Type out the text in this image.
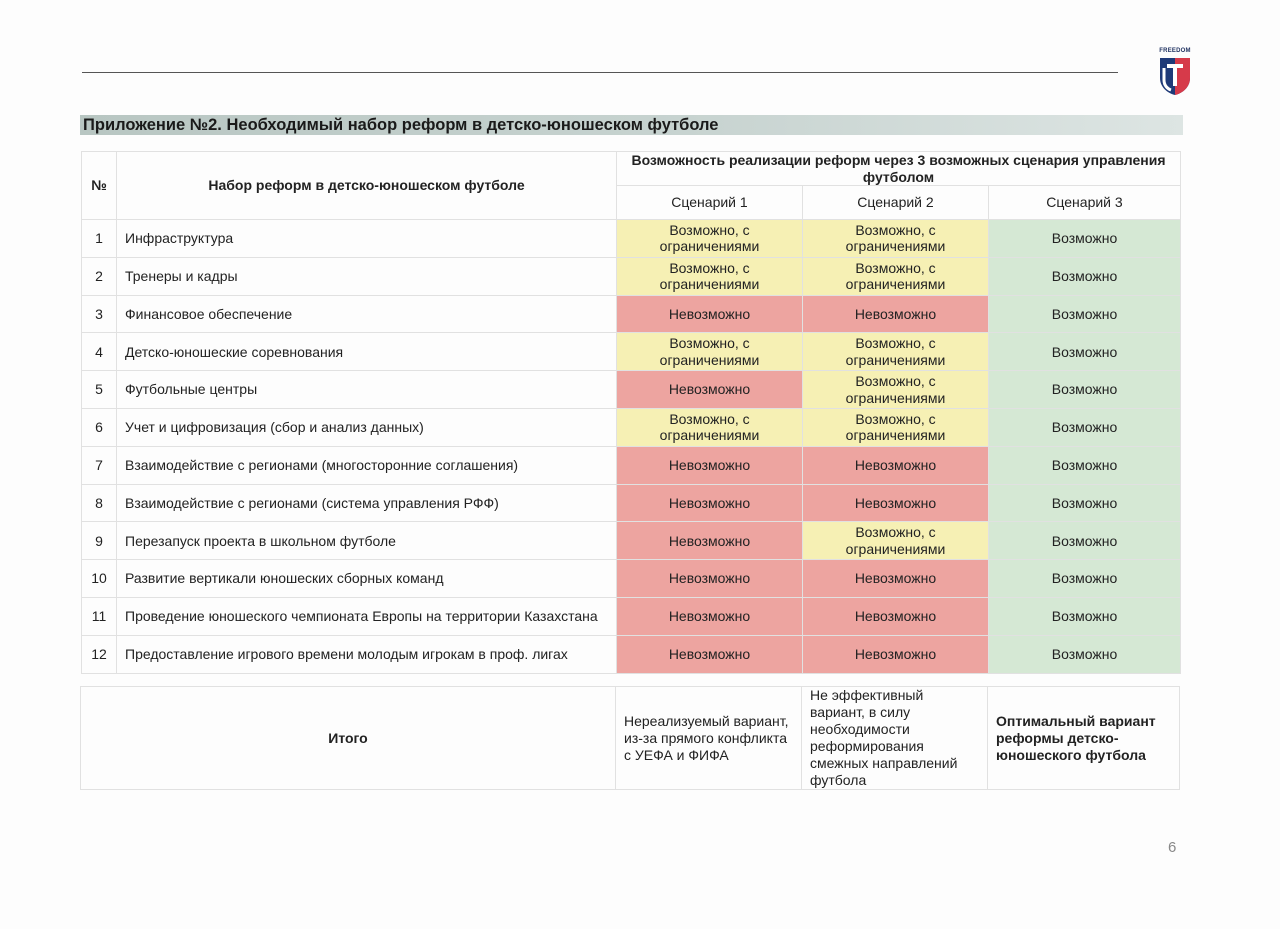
FREEDOM
Приложение №2. Необходимый набор реформ в детско-юношеском футболе
№	Набор реформ в детско-юношеском футболе	Возможность реализации реформ через 3 возможных сценария управления футболом		
		Сценарий 1	Сценарий 2	Сценарий 3
1	Инфраструктура	Возможно, с ограничениями	Возможно, с ограничениями	Возможно
2	Тренеры и кадры	Возможно, с ограничениями	Возможно, с ограничениями	Возможно
3	Финансовое обеспечение	Невозможно	Невозможно	Возможно
4	Детско-юношеские соревнования	Возможно, с ограничениями	Возможно, с ограничениями	Возможно
5	Футбольные центры	Невозможно	Возможно, с ограничениями	Возможно
6	Учет и цифровизация (сбор и анализ данных)	Возможно, с ограничениями	Возможно, с ограничениями	Возможно
7	Взаимодействие с регионами (многосторонние соглашения)	Невозможно	Невозможно	Возможно
8	Взаимодействие с регионами (система управления РФФ)	Невозможно	Невозможно	Возможно
9	Перезапуск проекта в школьном футболе	Невозможно	Возможно, с ограничениями	Возможно
10	Развитие вертикали юношеских сборных команд	Невозможно	Невозможно	Возможно
11	Проведение юношеского чемпионата Европы на территории Казахстана	Невозможно	Невозможно	Возможно
12	Предоставление игрового времени молодым игрокам в проф. лигах	Невозможно	Невозможно	Возможно
Итого	Нереализуемый вариант, из-за прямого конфликта с УЕФА и ФИФА	Не эффективный вариант, в силу необходимости реформирования смежных направлений футбола	Оптимальный вариант реформы детско-юношеского футбола
6
